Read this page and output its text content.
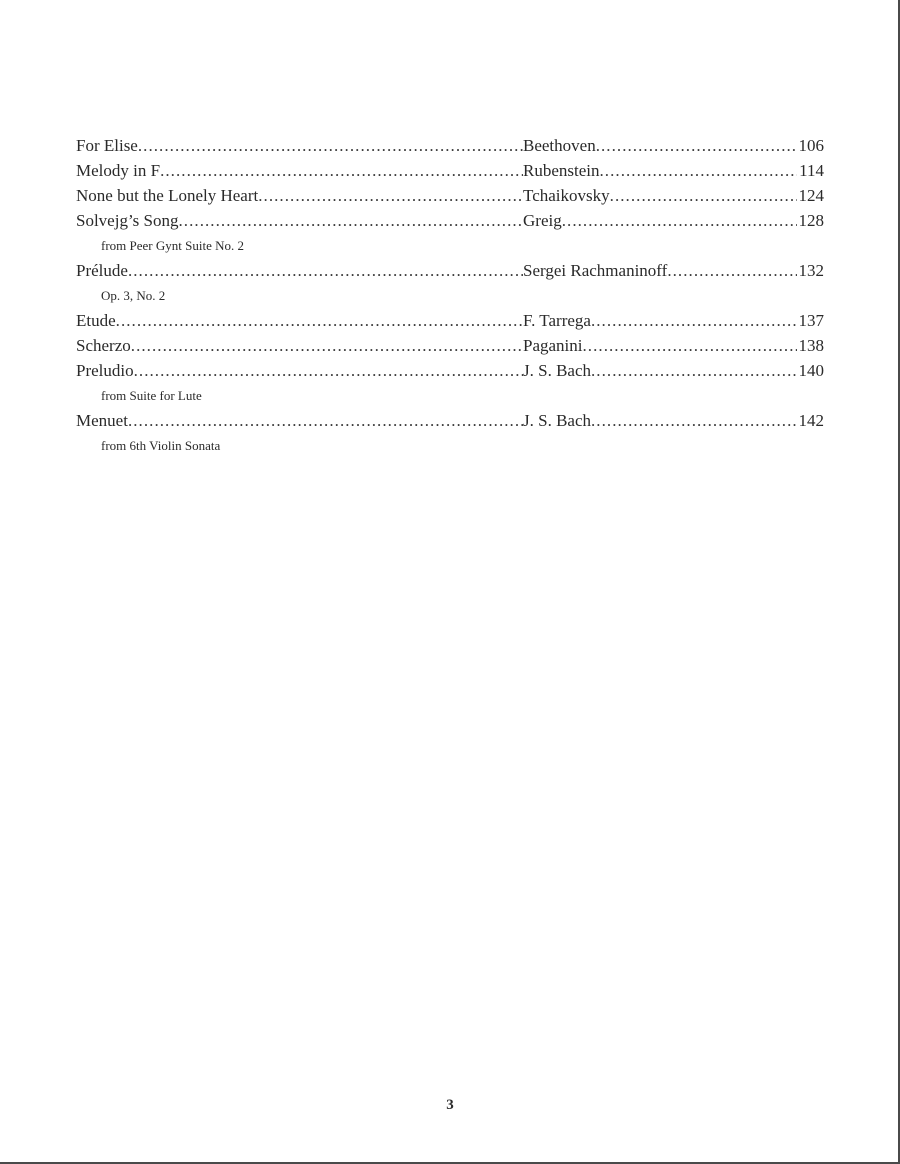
For Elise . . .	Beethoven . . .	106
Melody in F . . .	Rubenstein . . .	114
None but the Lonely Heart . . .	Tchaikovsky . . .	124
Solvejg’s Song . . .	Greig . . .	128
from Peer Gynt Suite No. 2
Prélude . . .	Sergei Rachmaninoff . . .	132
Op. 3, No. 2
Etude . . .	F. Tarrega . . .	137
Scherzo . . .	Paganini . . .	138
Preludio . . .	J. S. Bach . . .	140
from Suite for Lute
Menuet . . .	J. S. Bach . . .	142
from 6th Violin Sonata
3
